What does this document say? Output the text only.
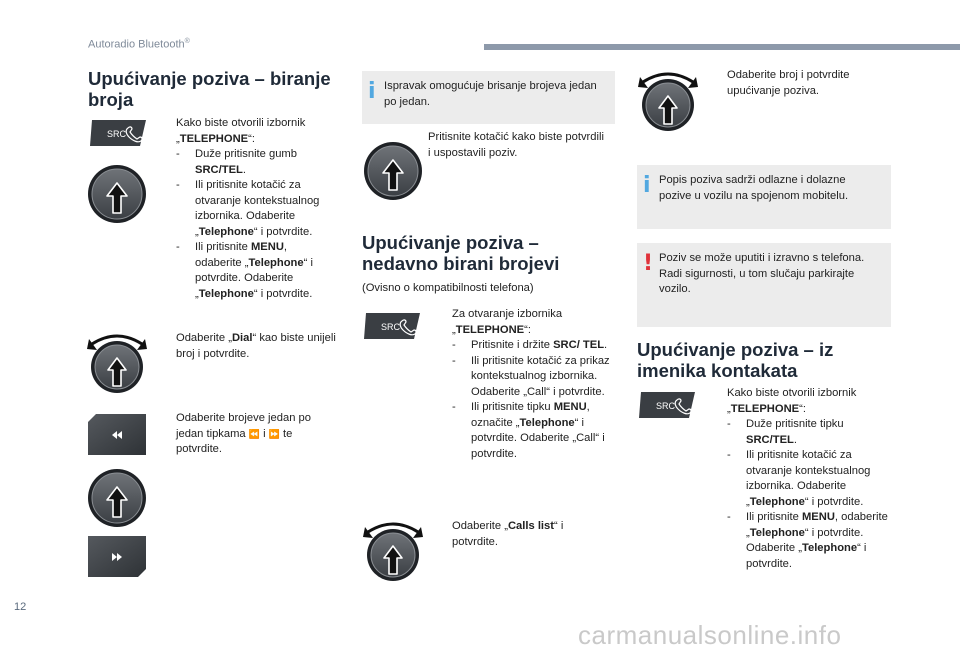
Autoradio Bluetooth®
Upućivanje poziva – biranje
broja
SRC
Kako biste otvorili izbornik „TELEPHONE“:
- Duže pritisnite gumb SRC/TEL.
- Ili pritisnite kotačić za otvaranje kontekstualnog izbornika. Odaberite „Telephone“ i potvrdite.
- Ili pritisnite MENU, odaberite „Telephone“ i potvrdite. Odaberite „Telephone“ i potvrdite.
Odaberite „Dial“ kao biste unijeli broj i potvrdite.
Odaberite brojeve jedan po jedan tipkama ⏪ i ⏩ te potvrdite.
i Ispravak omogućuje brisanje brojeva jedan po jedan.
Pritisnite kotačić kako biste potvrdili i uspostavili poziv.
Upućivanje poziva –
nedavno birani brojevi
(Ovisno o kompatibilnosti telefona)
SRC
Za otvaranje izbornika „TELEPHONE“:
- Pritisnite i držite SRC/ TEL.
- Ili pritisnite kotačić za prikaz kontekstualnog izbornika. Odaberite „Call“ i potvrdite.
- Ili pritisnite tipku MENU, označite „Telephone“ i potvrdite. Odaberite „Call“ i potvrdite.
Odaberite „Calls list“ i potvrdite.
Odaberite broj i potvrdite upućivanje poziva.
i Popis poziva sadrži odlazne i dolazne pozive u vozilu na spojenom mobitelu.
! Poziv se može uputiti i izravno s telefona. Radi sigurnosti, u tom slučaju parkirajte vozilo.
Upućivanje poziva – iz
imenika kontakata
SRC
Kako biste otvorili izbornik „TELEPHONE“:
- Duže pritisnite tipku SRC/TEL.
- Ili pritisnite kotačić za otvaranje kontekstualnog izbornika. Odaberite „Telephone“ i potvrdite.
- Ili pritisnite MENU, odaberite „Telephone“ i potvrdite. Odaberite „Telephone“ i potvrdite.
12
carmanualsonline.info
